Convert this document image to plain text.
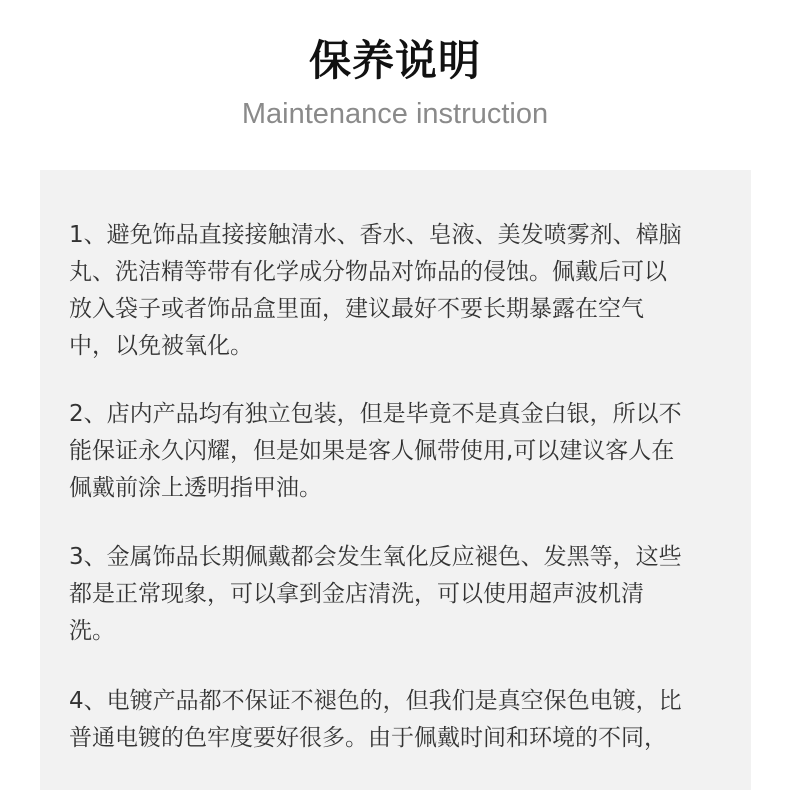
保养说明
Maintenance instruction
1、避免饰品直接接触清水、香水、皂液、美发喷雾剂、樟脑
丸、洗洁精等带有化学成分物品对饰品的侵蚀。佩戴后可以
放入袋子或者饰品盒里面，建议最好不要长期暴露在空气
中，以免被氧化。
2、店内产品均有独立包装，但是毕竟不是真金白银，所以不
能保证永久闪耀，但是如果是客人佩带使用,可以建议客人在
佩戴前涂上透明指甲油。
3、金属饰品长期佩戴都会发生氧化反应褪色、发黑等，这些
都是正常现象，可以拿到金店清洗，可以使用超声波机清
洗。
4、电镀产品都不保证不褪色的，但我们是真空保色电镀，比
普通电镀的色牢度要好很多。由于佩戴时间和环境的不同，
